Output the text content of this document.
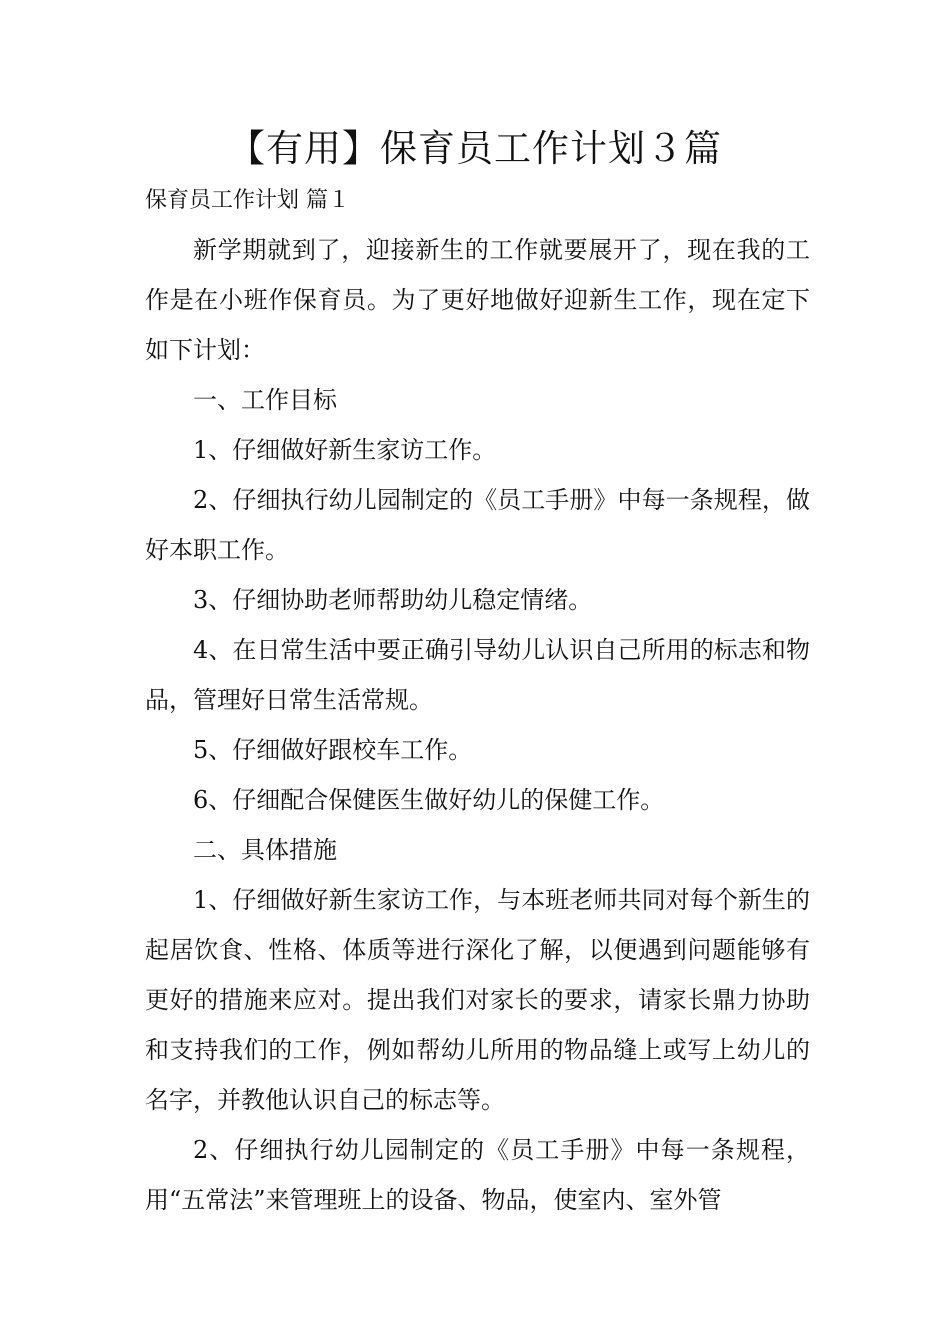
【有用】保育员工作计划３篇
保育员工作计划 篇１

新学期就到了，迎接新生的工作就要展开了，现在我的工作是在小班作保育员。为了更好地做好迎新生工作，现在定下如下计划：

一、工作目标

1、仔细做好新生家访工作。

2、仔细执行幼儿园制定的《员工手册》中每一条规程，做好本职工作。

3、仔细协助老师帮助幼儿稳定情绪。

4、在日常生活中要正确引导幼儿认识自己所用的标志和物品，管理好日常生活常规。

5、仔细做好跟校车工作。

6、仔细配合保健医生做好幼儿的保健工作。

二、具体措施

1、仔细做好新生家访工作，与本班老师共同对每个新生的起居饮食、性格、体质等进行深化了解，以便遇到问题能够有更好的措施来应对。提出我们对家长的要求，请家长鼎力协助和支持我们的工作，例如帮幼儿所用的物品缝上或写上幼儿的名字，并教他认识自己的标志等。

2、仔细执行幼儿园制定的《员工手册》中每一条规程，用“五常法”来管理班上的设备、物品，使室内、室外管
